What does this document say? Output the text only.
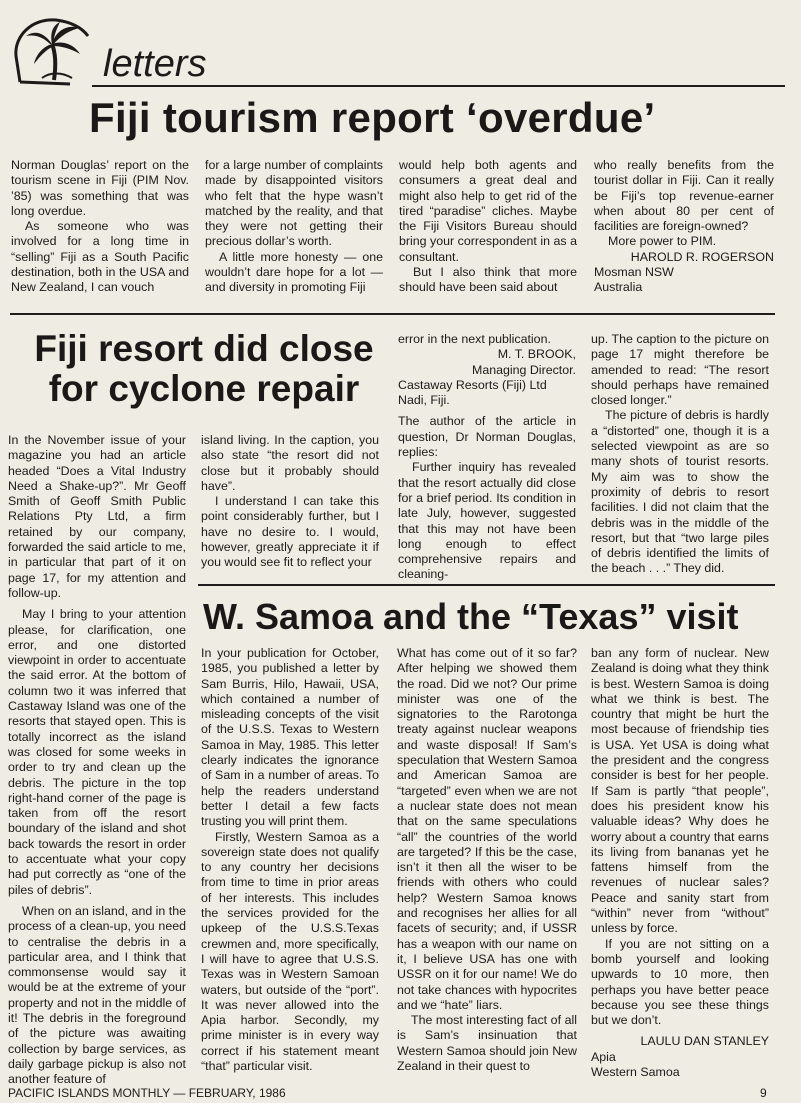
letters
Fiji tourism report ‘overdue’

Norman Douglas’ report on the tourism scene in Fiji (PIM Nov. ’85) was something that was long overdue.

As someone who was involved for a long time in “selling” Fiji as a South Pacific destination, both in the USA and New Zealand, I can vouch

for a large number of complaints made by disappointed visitors who felt that the hype wasn’t matched by the reality, and that they were not getting their precious dollar’s worth.

A little more honesty — one wouldn’t dare hope for a lot — and diversity in promoting Fiji

would help both agents and consumers a great deal and might also help to get rid of the tired “paradise” cliches. Maybe the Fiji Visitors Bureau should bring your correspondent in as a consultant.

But I also think that more should have been said about

who really benefits from the tourist dollar in Fiji. Can it really be Fiji’s top revenue-earner when about 80 per cent of facilities are foreign-owned?

More power to PIM.

HAROLD R. ROGERSON

Mosman NSW

Australia

Fiji resort did close
for cyclone repair

In the November issue of your magazine you had an article headed “Does a Vital Industry Need a Shake-up?”. Mr Geoff Smith of Geoff Smith Public Relations Pty Ltd, a firm retained by our company, forwarded the said article to me, in particular that part of it on page 17, for my attention and follow-up.

May I bring to your attention please, for clarification, one error, and one distorted viewpoint in order to accentuate the said error. At the bottom of column two it was inferred that Castaway Island was one of the resorts that stayed open. This is totally incorrect as the island was closed for some weeks in order to try and clean up the debris. The picture in the top right-hand corner of the page is taken from off the resort boundary of the island and shot back towards the resort in order to accentuate what your copy had put correctly as “one of the piles of debris”.

When on an island, and in the process of a clean-up, you need to centralise the debris in a particular area, and I think that commonsense would say it would be at the extreme of your property and not in the middle of it! The debris in the foreground of the picture was awaiting collection by barge services, as daily garbage pickup is also not another feature of

island living. In the caption, you also state “the resort did not close but it probably should have”.

I understand I can take this point considerably further, but I have no desire to. I would, however, greatly appreciate it if you would see fit to reflect your

error in the next publication.

M. T. BROOK,

Managing Director.

Castaway Resorts (Fiji) Ltd

Nadi, Fiji.

The author of the article in question, Dr Norman Douglas, replies:

Further inquiry has revealed that the resort actually did close for a brief period. Its condition in late July, however, suggested that this may not have been long enough to effect comprehensive repairs and cleaning-

up. The caption to the picture on page 17 might therefore be amended to read: “The resort should perhaps have remained closed longer.”

The picture of debris is hardly a “distorted” one, though it is a selected viewpoint as are so many shots of tourist resorts. My aim was to show the proximity of debris to resort facilities. I did not claim that the debris was in the middle of the resort, but that “two large piles of debris identified the limits of the beach . . .” They did.

W. Samoa and the “Texas” visit

In your publication for October, 1985, you published a letter by Sam Burris, Hilo, Hawaii, USA, which contained a number of misleading concepts of the visit of the U.S.S. Texas to Western Samoa in May, 1985. This letter clearly indicates the ignorance of Sam in a number of areas. To help the readers understand better I detail a few facts trusting you will print them.

Firstly, Western Samoa as a sovereign state does not qualify to any country her decisions from time to time in prior areas of her interests. This includes the services provided for the upkeep of the U.S.S.Texas crewmen and, more specifically, I will have to agree that U.S.S. Texas was in Western Samoan waters, but outside of the “port”. It was never allowed into the Apia harbor. Secondly, my prime minister is in every way correct if his statement meant “that” particular visit.

What has come out of it so far? After helping we showed them the road. Did we not? Our prime minister was one of the signatories to the Rarotonga treaty against nuclear weapons and waste disposal! If Sam’s speculation that Western Samoa and American Samoa are “targeted” even when we are not a nuclear state does not mean that on the same speculations “all” the countries of the world are targeted? If this be the case, isn’t it then all the wiser to be friends with others who could help? Western Samoa knows and recognises her allies for all facets of security; and, if USSR has a weapon with our name on it, I believe USA has one with USSR on it for our name! We do not take chances with hypocrites and we “hate” liars.

The most interesting fact of all is Sam’s insinuation that Western Samoa should join New Zealand in their quest to

ban any form of nuclear. New Zealand is doing what they think is best. Western Samoa is doing what we think is best. The country that might be hurt the most because of friendship ties is USA. Yet USA is doing what the president and the congress consider is best for her people. If Sam is partly “that people”, does his president know his valuable ideas? Why does he worry about a country that earns its living from bananas yet he fattens himself from the revenues of nuclear sales? Peace and sanity start from “within” never from “without” unless by force.

If you are not sitting on a bomb yourself and looking upwards to 10 more, then perhaps you have better peace because you see these things but we don’t.

LAULU DAN STANLEY

Apia

Western Samoa

PACIFIC ISLANDS MONTHLY — FEBRUARY, 1986	9
